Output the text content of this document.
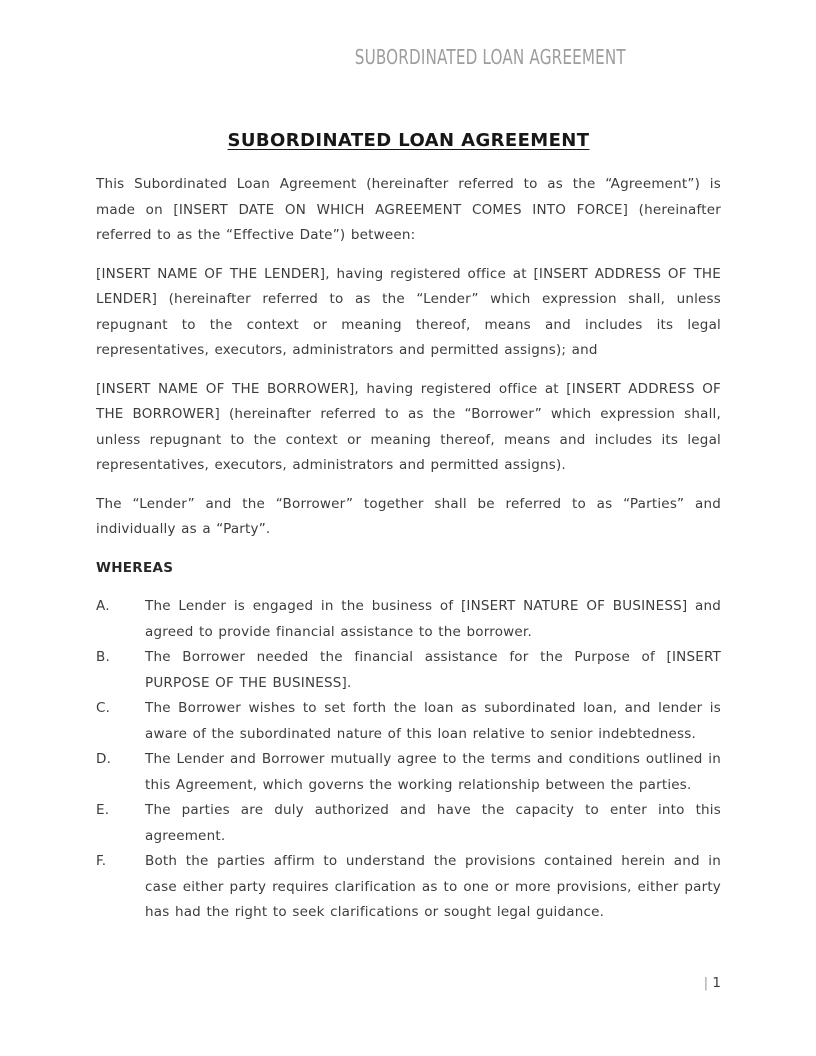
SUBORDINATED LOAN AGREEMENT
SUBORDINATED LOAN AGREEMENT

This Subordinated Loan Agreement (hereinafter referred to as the “Agreement”) is made on [INSERT DATE ON WHICH AGREEMENT COMES INTO FORCE] (hereinafter referred to as the “Effective Date”) between:

[INSERT NAME OF THE LENDER], having registered office at [INSERT ADDRESS OF THE LENDER] (hereinafter referred to as the “Lender” which expression shall, unless repugnant to the context or meaning thereof, means and includes its legal representatives, executors, administrators and permitted assigns); and

[INSERT NAME OF THE BORROWER], having registered office at [INSERT ADDRESS OF THE BORROWER] (hereinafter referred to as the “Borrower” which expression shall, unless repugnant to the context or meaning thereof, means and includes its legal representatives, executors, administrators and permitted assigns).

The “Lender” and the “Borrower” together shall be referred to as “Parties” and individually as a “Party”.

WHEREAS
A.	The Lender is engaged in the business of [INSERT NATURE OF BUSINESS] and agreed to provide financial assistance to the borrower.
B.	The Borrower needed the financial assistance for the Purpose of [INSERT PURPOSE OF THE BUSINESS].
C.	The Borrower wishes to set forth the loan as subordinated loan, and lender is aware of the subordinated nature of this loan relative to senior indebtedness.
D.	The Lender and Borrower mutually agree to the terms and conditions outlined in this Agreement, which governs the working relationship between the parties.
E.	The parties are duly authorized and have the capacity to enter into this agreement.
F.	Both the parties affirm to understand the provisions contained herein and in case either party requires clarification as to one or more provisions, either party has had the right to seek clarifications or sought legal guidance.
| 1
